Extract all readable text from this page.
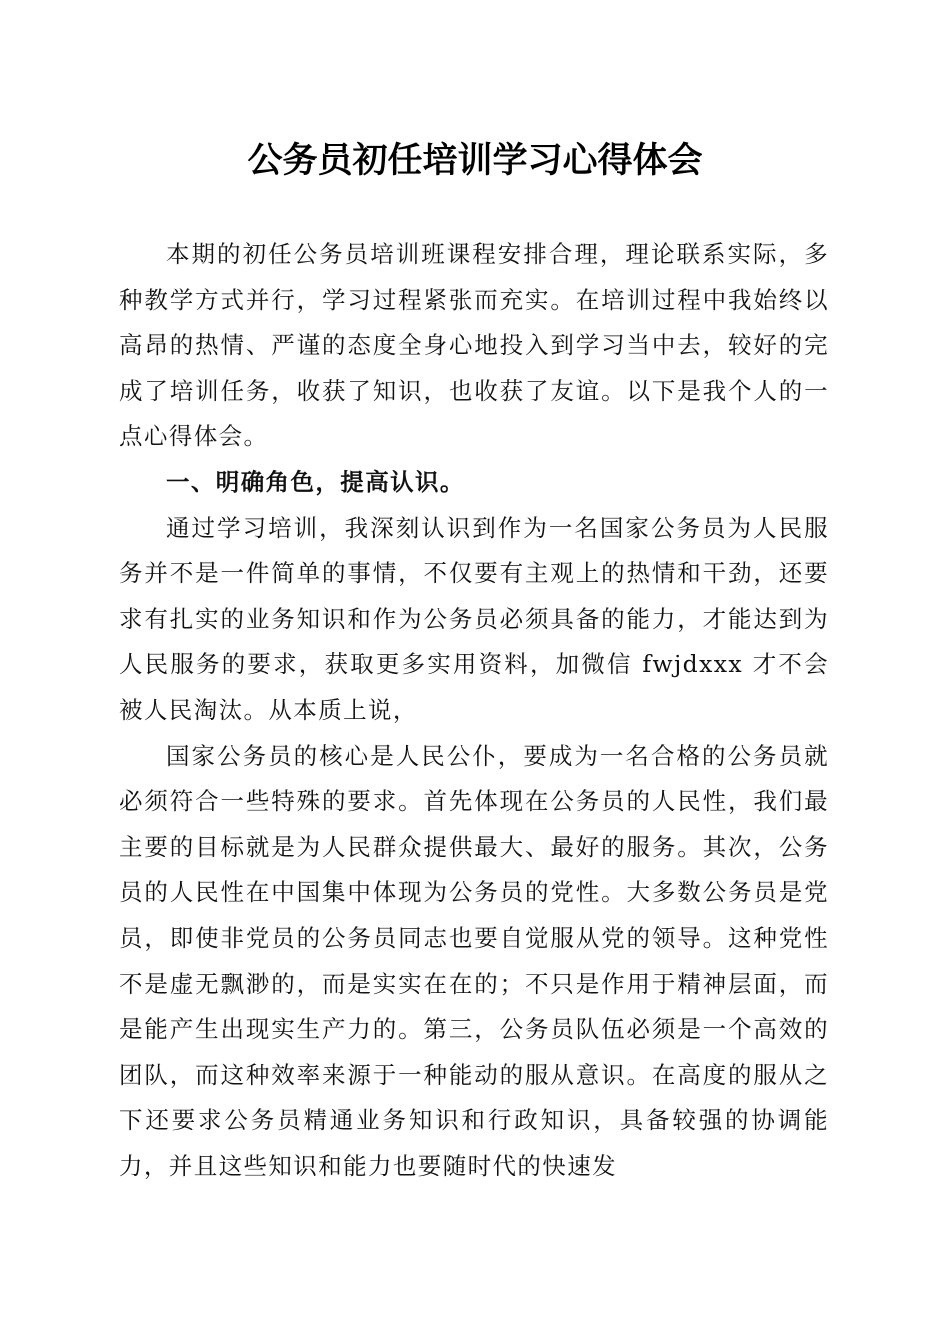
公务员初任培训学习心得体会

本期的初任公务员培训班课程安排合理，理论联系实际，多种教学方式并行，学习过程紧张而充实。在培训过程中我始终以高昂的热情、严谨的态度全身心地投入到学习当中去，较好的完成了培训任务，收获了知识，也收获了友谊。以下是我个人的一点心得体会。

一、明确角色，提高认识。

通过学习培训，我深刻认识到作为一名国家公务员为人民服务并不是一件简单的事情，不仅要有主观上的热情和干劲，还要求有扎实的业务知识和作为公务员必须具备的能力，才能达到为人民服务的要求，获取更多实用资料，加微信 fwjdxxx 才不会被人民淘汰。从本质上说，

国家公务员的核心是人民公仆，要成为一名合格的公务员就必须符合一些特殊的要求。首先体现在公务员的人民性，我们最主要的目标就是为人民群众提供最大、最好的服务。其次，公务员的人民性在中国集中体现为公务员的党性。大多数公务员是党员，即使非党员的公务员同志也要自觉服从党的领导。这种党性不是虚无飘渺的，而是实实在在的；不只是作用于精神层面，而是能产生出现实生产力的。第三，公务员队伍必须是一个高效的团队，而这种效率来源于一种能动的服从意识。在高度的服从之下还要求公务员精通业务知识和行政知识，具备较强的协调能力，并且这些知识和能力也要随时代的快速发
